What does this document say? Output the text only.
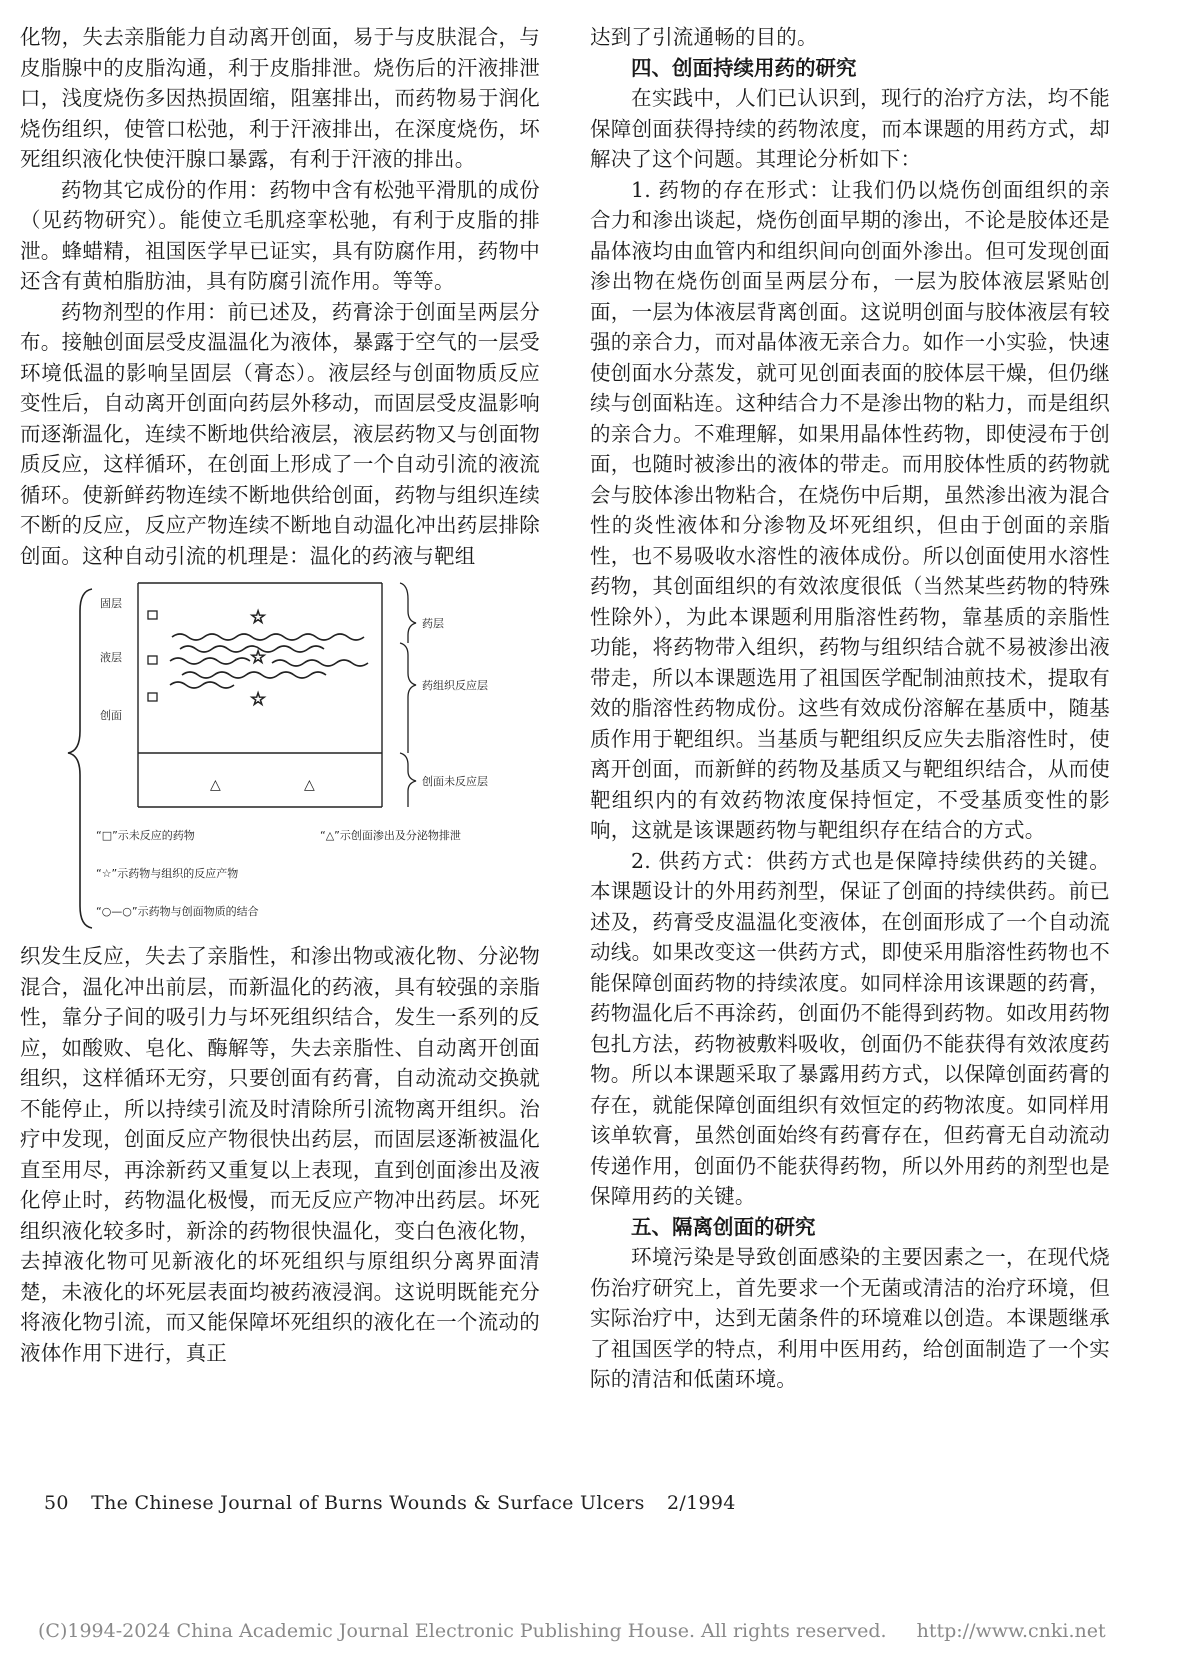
化物，失去亲脂能力自动离开创面，易于与皮肤混合，与皮脂腺中的皮脂沟通，利于皮脂排泄。烧伤后的汗液排泄口，浅度烧伤多因热损固缩，阻塞排出，而药物易于润化烧伤组织，使管口松弛，利于汗液排出，在深度烧伤，坏死组织液化快使汗腺口暴露，有利于汗液的排出。

药物其它成份的作用：药物中含有松弛平滑肌的成份（见药物研究）。能使立毛肌痉挛松驰，有利于皮脂的排泄。蜂蜡精，祖国医学早已证实，具有防腐作用，药物中还含有黄柏脂肪油，具有防腐引流作用。等等。

药物剂型的作用：前已述及，药膏涂于创面呈两层分布。接触创面层受皮温温化为液体，暴露于空气的一层受环境低温的影响呈固层（膏态）。液层经与创面物质反应变性后，自动离开创面向药层外移动，而固层受皮温影响而逐渐温化，连续不断地供给液层，液层药物又与创面物质反应，这样循环，在创面上形成了一个自动引流的液流循环。使新鲜药物连续不断地供给创面，药物与组织连续不断的反应，反应产物连续不断地自动温化冲出药层排除创面。这种自动引流的机理是：温化的药液与靶组

固层
液层
创面
☆
☆
☆
△	△
药层
药组织反应层
创面未反应层
“□”示未反应的药物	“△”示创面渗出及分泌物排泄
“☆”示药物与组织的反应产物
“○—○”示药物与创面物质的结合

织发生反应，失去了亲脂性，和渗出物或液化物、分泌物混合，温化冲出前层，而新温化的药液，具有较强的亲脂性，靠分子间的吸引力与坏死组织结合，发生一系列的反应，如酸败、皂化、酶解等，失去亲脂性、自动离开创面组织，这样循环无穷，只要创面有药膏，自动流动交换就不能停止，所以持续引流及时清除所引流物离开组织。治疗中发现，创面反应产物很快出药层，而固层逐渐被温化直至用尽，再涂新药又重复以上表现，直到创面渗出及液化停止时，药物温化极慢，而无反应产物冲出药层。坏死组织液化较多时，新涂的药物很快温化，变白色液化物，去掉液化物可见新液化的坏死组织与原组织分离界面清楚，未液化的坏死层表面均被药液浸润。这说明既能充分将液化物引流，而又能保障坏死组织的液化在一个流动的液体作用下进行，真正

达到了引流通畅的目的。

四、创面持续用药的研究

在实践中，人们已认识到，现行的治疗方法，均不能保障创面获得持续的药物浓度，而本课题的用药方式，却解决了这个问题。其理论分析如下：

1. 药物的存在形式：让我们仍以烧伤创面组织的亲合力和渗出谈起，烧伤创面早期的渗出，不论是胶体还是晶体液均由血管内和组织间向创面外渗出。但可发现创面渗出物在烧伤创面呈两层分布，一层为胶体液层紧贴创面，一层为体液层背离创面。这说明创面与胶体液层有较强的亲合力，而对晶体液无亲合力。如作一小实验，快速使创面水分蒸发，就可见创面表面的胶体层干燥，但仍继续与创面粘连。这种结合力不是渗出物的粘力，而是组织的亲合力。不难理解，如果用晶体性药物，即使浸布于创面，也随时被渗出的液体的带走。而用胶体性质的药物就会与胶体渗出物粘合，在烧伤中后期，虽然渗出液为混合性的炎性液体和分渗物及坏死组织，但由于创面的亲脂性，也不易吸收水溶性的液体成份。所以创面使用水溶性药物，其创面组织的有效浓度很低（当然某些药物的特殊性除外），为此本课题利用脂溶性药物，靠基质的亲脂性功能，将药物带入组织，药物与组织结合就不易被渗出液带走，所以本课题选用了祖国医学配制油煎技术，提取有效的脂溶性药物成份。这些有效成份溶解在基质中，随基质作用于靶组织。当基质与靶组织反应失去脂溶性时，使离开创面，而新鲜的药物及基质又与靶组织结合，从而使靶组织内的有效药物浓度保持恒定，不受基质变性的影响，这就是该课题药物与靶组织存在结合的方式。

2. 供药方式：供药方式也是保障持续供药的关键。本课题设计的外用药剂型，保证了创面的持续供药。前已述及，药膏受皮温温化变液体，在创面形成了一个自动流动线。如果改变这一供药方式，即使采用脂溶性药物也不能保障创面药物的持续浓度。如同样涂用该课题的药膏，药物温化后不再涂药，创面仍不能得到药物。如改用药物包扎方法，药物被敷料吸收，创面仍不能获得有效浓度药物。所以本课题采取了暴露用药方式，以保障创面药膏的存在，就能保障创面组织有效恒定的药物浓度。如同样用该单软膏，虽然创面始终有药膏存在，但药膏无自动流动传递作用，创面仍不能获得药物，所以外用药的剂型也是保障用药的关键。

五、隔离创面的研究

环境污染是导致创面感染的主要因素之一，在现代烧伤治疗研究上，首先要求一个无菌或清洁的治疗环境，但实际治疗中，达到无菌条件的环境难以创造。本课题继承了祖国医学的特点，利用中医用药，给创面制造了一个实际的清洁和低菌环境。

50 The Chinese Journal of Burns Wounds & Surface Ulcers 2/1994
(C)1994-2024 China Academic Journal Electronic Publishing House. All rights reserved. http://www.cnki.net
